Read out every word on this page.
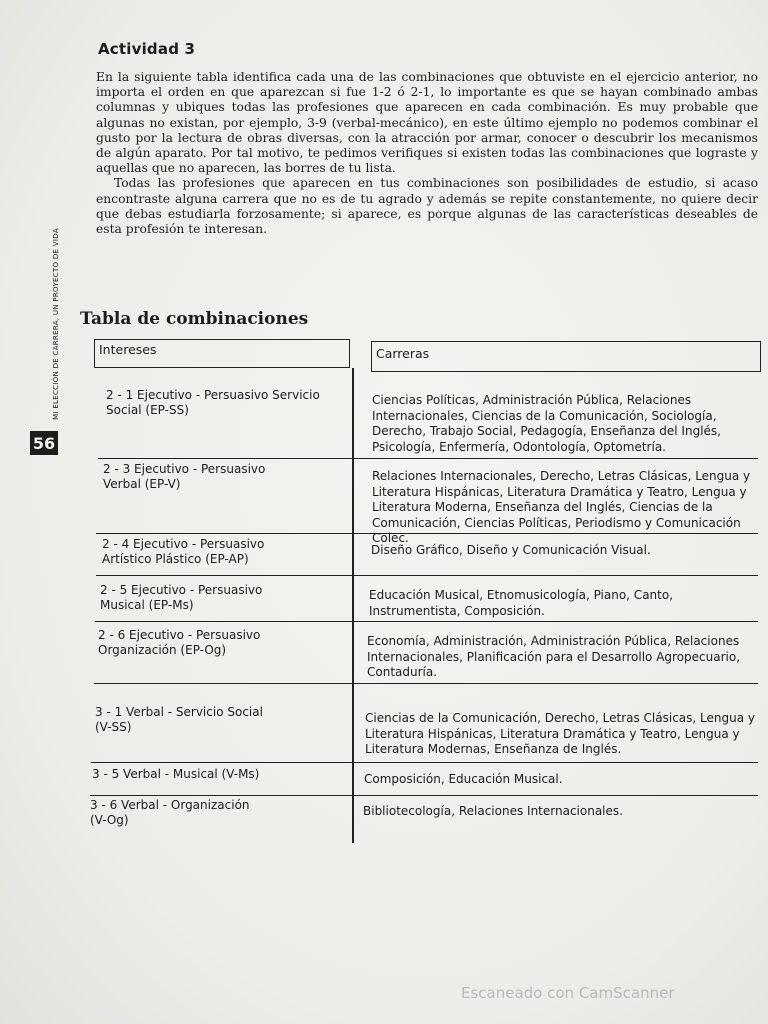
Actividad 3

En la siguiente tabla identifica cada una de las combinaciones que obtuviste en el ejercicio anterior, no importa el orden en que aparezcan si fue 1-2 ó 2-1, lo importante es que se hayan combinado ambas columnas y ubiques todas las profesiones que aparecen en cada combinación. Es muy probable que algunas no existan, por ejemplo, 3-9 (verbal-mecánico), en este último ejemplo no podemos combinar el gusto por la lectura de obras diversas, con la atracción por armar, conocer o descubrir los mecanismos de algún aparato. Por tal motivo, te pedimos verifiques si existen todas las combinaciones que lograste y aquellas que no aparecen, las borres de tu lista.

Todas las profesiones que aparecen en tus combinaciones son posibilidades de estudio, si acaso encontraste alguna carrera que no es de tu agrado y además se repite constantemente, no quiere decir que debas estudiarla forzosamente; si aparece, es porque algunas de las características deseables de esta profesión te interesan.

MI ELECCIÓN DE CARRERA, UN PROYECTO DE VIDA
56
Tabla de combinaciones
Intereses	Carreras
2 - 1 Ejecutivo - Persuasivo Servicio Social (EP-SS)
Ciencias Políticas, Administración Pública, Relaciones Internacionales, Ciencias de la Comunicación, Sociología, Derecho, Trabajo Social, Pedagogía, Enseñanza del Inglés, Psicología, Enfermería, Odontología, Optometría.
2 - 3 Ejecutivo - Persuasivo Verbal (EP-V)
Relaciones Internacionales, Derecho, Letras Clásicas, Lengua y Literatura Hispánicas, Literatura Dramática y Teatro, Lengua y Literatura Moderna, Enseñanza del Inglés, Ciencias de la Comunicación, Ciencias Políticas, Periodismo y Comunicación Colec.
2 - 4 Ejecutivo - Persuasivo Artístico Plástico (EP-AP)
Diseño Gráfico, Diseño y Comunicación Visual.
2 - 5 Ejecutivo - Persuasivo Musical (EP-Ms)
Educación Musical, Etnomusicología, Piano, Canto, Instrumentista, Composición.
2 - 6 Ejecutivo - Persuasivo Organización (EP-Og)
Economía, Administración, Administración Pública, Relaciones Internacionales, Planificación para el Desarrollo Agropecuario, Contaduría.
3 - 1 Verbal - Servicio Social (V-SS)
Ciencias de la Comunicación, Derecho, Letras Clásicas, Lengua y Literatura Hispánicas, Literatura Dramática y Teatro, Lengua y Literatura Modernas, Enseñanza de Inglés.
3 - 5 Verbal - Musical (V-Ms)	Composición, Educación Musical.
3 - 6 Verbal - Organización (V-Og)
Bibliotecología, Relaciones Internacionales.
Escaneado con CamScanner
